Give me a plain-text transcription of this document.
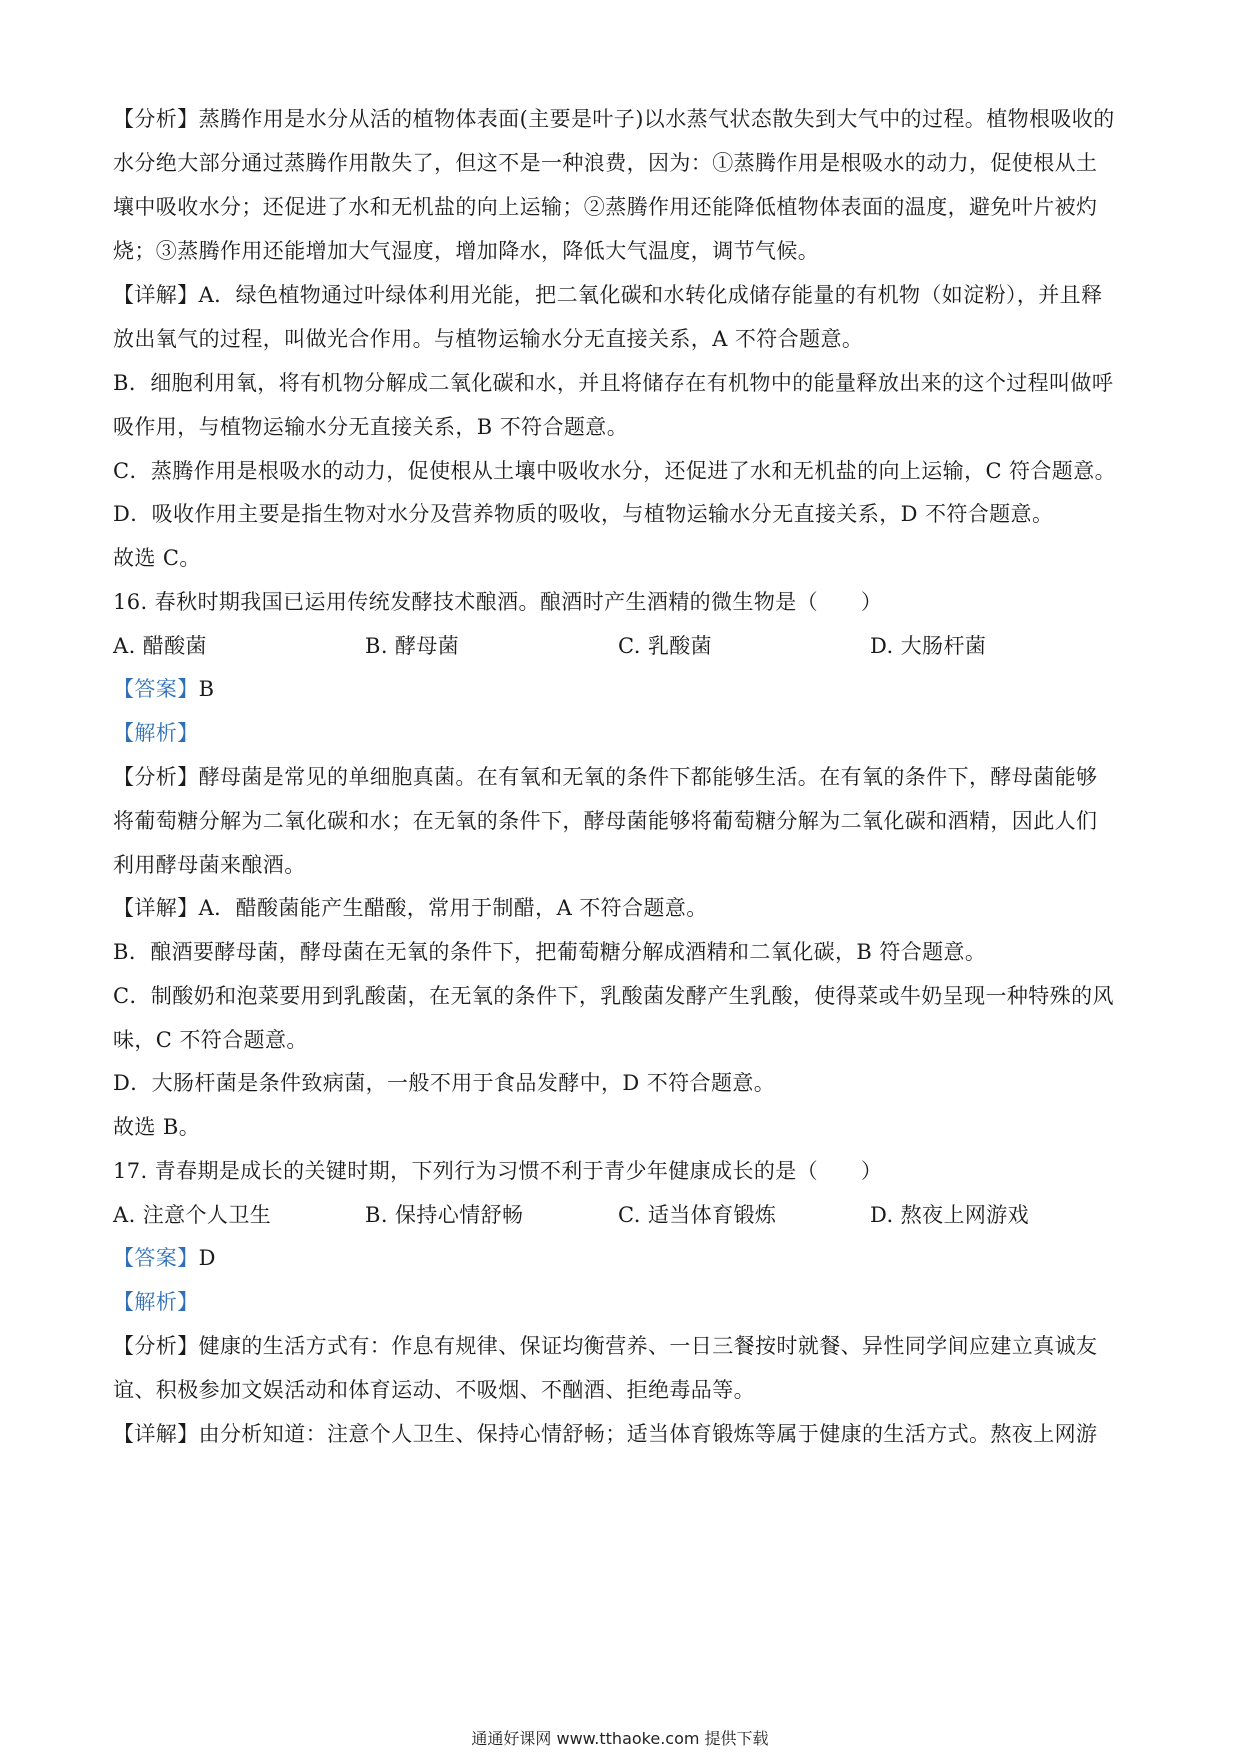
【分析】蒸腾作用是水分从活的植物体表面(主要是叶子)以水蒸气状态散失到大气中的过程。植物根吸收的
水分绝大部分通过蒸腾作用散失了，但这不是一种浪费，因为：①蒸腾作用是根吸水的动力，促使根从土
壤中吸收水分；还促进了水和无机盐的向上运输；②蒸腾作用还能降低植物体表面的温度，避免叶片被灼
烧；③蒸腾作用还能增加大气湿度，增加降水，降低大气温度，调节气候。
【详解】A．绿色植物通过叶绿体利用光能，把二氧化碳和水转化成储存能量的有机物（如淀粉），并且释
放出氧气的过程，叫做光合作用。与植物运输水分无直接关系，A 不符合题意。
B．细胞利用氧，将有机物分解成二氧化碳和水，并且将储存在有机物中的能量释放出来的这个过程叫做呼
吸作用，与植物运输水分无直接关系，B 不符合题意。
C．蒸腾作用是根吸水的动力，促使根从土壤中吸收水分，还促进了水和无机盐的向上运输，C 符合题意。
D．吸收作用主要是指生物对水分及营养物质的吸收，与植物运输水分无直接关系，D 不符合题意。
故选 C。
16. 春秋时期我国已运用传统发酵技术酿酒。酿酒时产生酒精的微生物是（　　）
A. 醋酸菌	B. 酵母菌	C. 乳酸菌	D. 大肠杆菌
【答案】B
【解析】
【分析】酵母菌是常见的单细胞真菌。在有氧和无氧的条件下都能够生活。在有氧的条件下，酵母菌能够
将葡萄糖分解为二氧化碳和水；在无氧的条件下，酵母菌能够将葡萄糖分解为二氧化碳和酒精，因此人们
利用酵母菌来酿酒。
【详解】A．醋酸菌能产生醋酸，常用于制醋，A 不符合题意。
B．酿酒要酵母菌，酵母菌在无氧的条件下，把葡萄糖分解成酒精和二氧化碳，B 符合题意。
C．制酸奶和泡菜要用到乳酸菌，在无氧的条件下，乳酸菌发酵产生乳酸，使得菜或牛奶呈现一种特殊的风
味，C 不符合题意。
D．大肠杆菌是条件致病菌，一般不用于食品发酵中，D 不符合题意。
故选 B。
17. 青春期是成长的关键时期，下列行为习惯不利于青少年健康成长的是（　　）
A. 注意个人卫生	B. 保持心情舒畅	C. 适当体育锻炼	D. 熬夜上网游戏
【答案】D
【解析】
【分析】健康的生活方式有：作息有规律、保证均衡营养、一日三餐按时就餐、异性同学间应建立真诚友
谊、积极参加文娱活动和体育运动、不吸烟、不酗酒、拒绝毒品等。
【详解】由分析知道：注意个人卫生、保持心情舒畅；适当体育锻炼等属于健康的生活方式。熬夜上网游
通通好课网 www.tthaoke.com 提供下载
